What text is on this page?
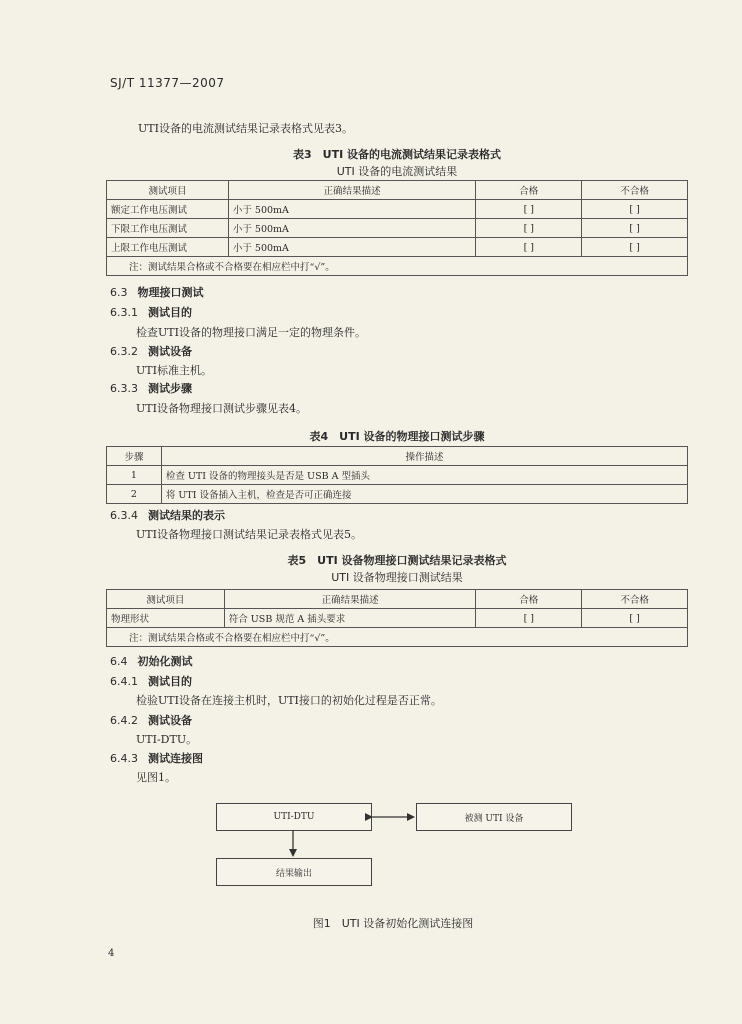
SJ/T 11377—2007
UTI设备的电流测试结果记录表格式见表3。
表3　UTI 设备的电流测试结果记录表格式
UTI 设备的电流测试结果
测试项目	正确结果描述	合格	不合格
额定工作电压测试	小于 500mA	[ ]	[ ]
下限工作电压测试	小于 500mA	[ ]	[ ]
上限工作电压测试	小于 500mA	[ ]	[ ]
注：测试结果合格或不合格要在相应栏中打“√”。			
6.3 物理接口测试
6.3.1 测试目的
检查UTI设备的物理接口满足一定的物理条件。
6.3.2 测试设备
UTI标准主机。
6.3.3 测试步骤
UTI设备物理接口测试步骤见表4。
表4　UTI 设备的物理接口测试步骤
步骤	操作描述
1	检查 UTI 设备的物理接头是否是 USB A 型插头
2	将 UTI 设备插入主机，检查是否可正确连接
6.3.4 测试结果的表示
UTI设备物理接口测试结果记录表格式见表5。
表5　UTI 设备物理接口测试结果记录表格式
UTI 设备物理接口测试结果
测试项目	正确结果描述	合格	不合格
物理形状	符合 USB 规范 A 插头要求	[ ]	[ ]
注：测试结果合格或不合格要在相应栏中打“√”。			
6.4 初始化测试
6.4.1 测试目的
检验UTI设备在连接主机时，UTI接口的初始化过程是否正常。
6.4.2 测试设备
UTI-DTU。
6.4.3 测试连接图
见图1。
UTI-DTU	被测 UTI 设备
结果输出
图1　UTI 设备初始化测试连接图
4
